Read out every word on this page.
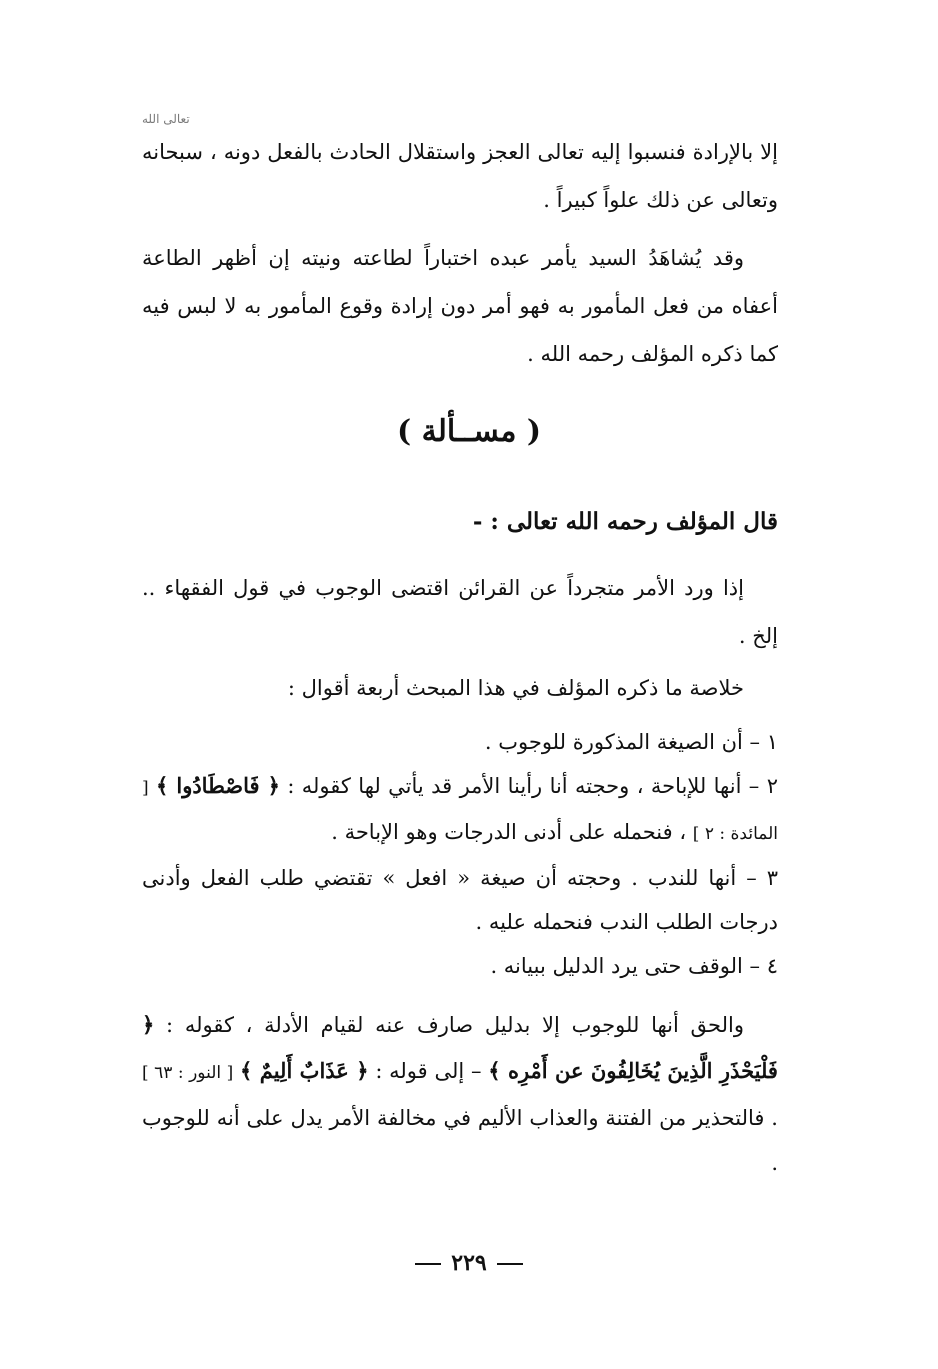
تعالى الله

إلا بالإرادة فنسبوا إليه تعالى العجز واستقلال الحادث بالفعل دونه ، سبحانه وتعالى عن ذلك علواً كبيراً .

وقد يُشاهَدُ السيد يأمر عبده اختباراً لطاعته ونيته إن أظهر الطاعة أعفاه من فعل المأمور به فهو أمر دون إرادة وقوع المأمور به لا لبس فيه كما ذكره المؤلف رحمه الله .

( مســألة )
قال المؤلف رحمه الله تعالى : -

إذا ورد الأمر متجرداً عن القرائن اقتضى الوجوب في قول الفقهاء .. إلخ .

خلاصة ما ذكره المؤلف في هذا المبحث أربعة أقوال :

١ – أن الصيغة المذكورة للوجوب .

٢ – أنها للإباحة ، وحجته أنا رأينا الأمر قد يأتي لها كقوله : ﴿ فَاصْطَادُوا ﴾ [ المائدة : ٢ ] ، فنحمله على أدنى الدرجات وهو الإباحة .

٣ – أنها للندب . وحجته أن صيغة « افعل » تقتضي طلب الفعل وأدنى درجات الطلب الندب فنحمله عليه .

٤ – الوقف حتى يرد الدليل ببيانه .

والحق أنها للوجوب إلا بدليل صارف عنه لقيام الأدلة ، كقوله : ﴿ فَلْيَحْذَرِ الَّذِينَ يُخَالِفُونَ عن أَمْرِه ﴾ – إلى قوله : ﴿ عَذَابٌ أَلِيمٌ ﴾ [ النور : ٦٣ ] . فالتحذير من الفتنة والعذاب الأليم في مخالفة الأمر يدل على أنه للوجوب .

٢٢٩
